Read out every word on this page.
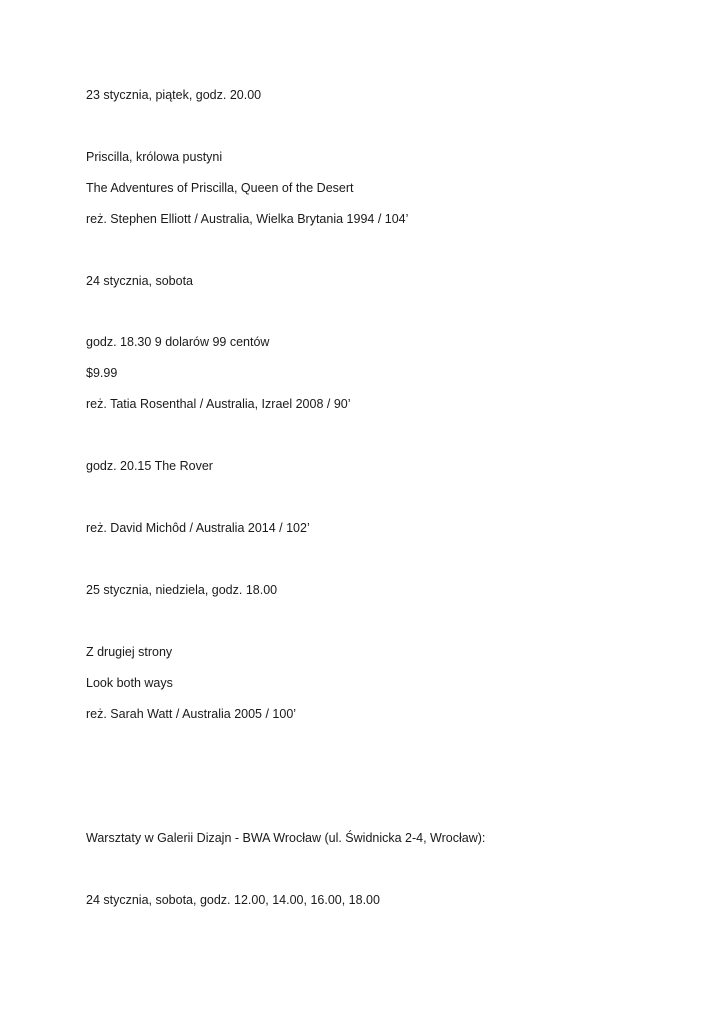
23 stycznia, piątek, godz. 20.00
Priscilla, królowa pustyni
The Adventures of Priscilla, Queen of the Desert
reż. Stephen Elliott / Australia, Wielka Brytania 1994 / 104’
24 stycznia, sobota
godz. 18.30 9 dolarów 99 centów
$9.99
reż. Tatia Rosenthal / Australia, Izrael 2008 / 90’
godz. 20.15 The Rover
reż. David Michôd / Australia 2014 / 102’
25 stycznia, niedziela, godz. 18.00
Z drugiej strony
Look both ways
reż. Sarah Watt / Australia 2005 / 100’
Warsztaty w Galerii Dizajn - BWA Wrocław (ul. Świdnicka 2-4, Wrocław):
24 stycznia, sobota, godz. 12.00, 14.00, 16.00, 18.00
